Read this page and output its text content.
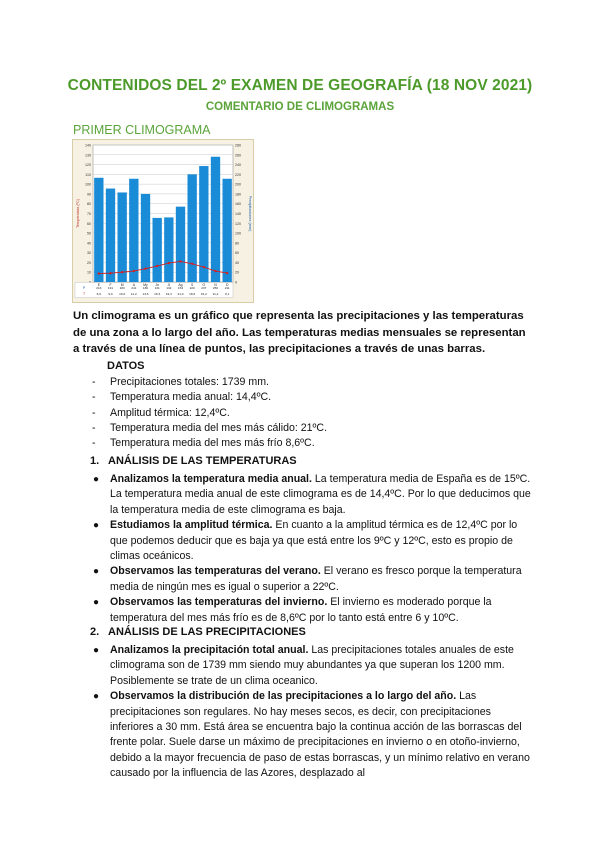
CONTENIDOS DEL 2º EXAMEN DE GEOGRAFÍA (18 NOV 2021)
COMENTARIO DE CLIMOGRAMAS
PRIMER CLIMOGRAMA
0
20
10
40
20
60
30
80
40
100
50
120
60
140
70
160
80
180
90
200
100
220
110
240
120
260
130
280
140
Temperatura (ºC)	Precipitaciones (mm)
E	F	M	A My Jn	Jl Ag S	O	N	D
P	213 191 183 211 180 131 132 154 220 237 256 211
T	8,6 9,0 10,0 11,2 13,6 16,3 19,3 21,0 18,6 15,2 11,2 9,1
Un climograma es un gráfico que representa las precipitaciones y las temperaturas de una zona a lo largo del año. Las temperaturas medias mensuales se representan a través de una línea de puntos, las precipitaciones a través de unas barras.
DATOS
- Precipitaciones totales: 1739 mm.
- Temperatura media anual: 14,4ºC.
- Amplitud térmica: 12,4ºC.
- Temperatura media del mes más cálido: 21ºC.
- Temperatura media del mes más frío 8,6ºC.
1. ANÁLISIS DE LAS TEMPERATURAS
● Analizamos la temperatura media anual. La temperatura media de España es de 15ºC. La temperatura media anual de este climograma es de 14,4ºC. Por lo que deducimos que la temperatura media de este climograma es baja.
● Estudiamos la amplitud térmica. En cuanto a la amplitud térmica es de 12,4ºC por lo que podemos deducir que es baja ya que está entre los 9ºC y 12ºC, esto es propio de climas oceánicos.
● Observamos las temperaturas del verano. El verano es fresco porque la temperatura media de ningún mes es igual o superior a 22ºC.
● Observamos las temperaturas del invierno. El invierno es moderado porque la temperatura del mes más frío es de 8,6ºC por lo tanto está entre 6 y 10ºC.
2. ANÁLISIS DE LAS PRECIPITACIONES
● Analizamos la precipitación total anual. Las precipitaciones totales anuales de este climograma son de 1739 mm siendo muy abundantes ya que superan los 1200 mm. Posiblemente se trate de un clima oceanico.
● Observamos la distribución de las precipitaciones a lo largo del año. Las precipitaciones son regulares. No hay meses secos, es decir, con precipitaciones inferiores a 30 mm. Está área se encuentra bajo la continua acción de las borrascas del frente polar. Suele darse un máximo de precipitaciones en invierno o en otoño-invierno, debido a la mayor frecuencia de paso de estas borrascas, y un mínimo relativo en verano causado por la influencia de las Azores, desplazado al
